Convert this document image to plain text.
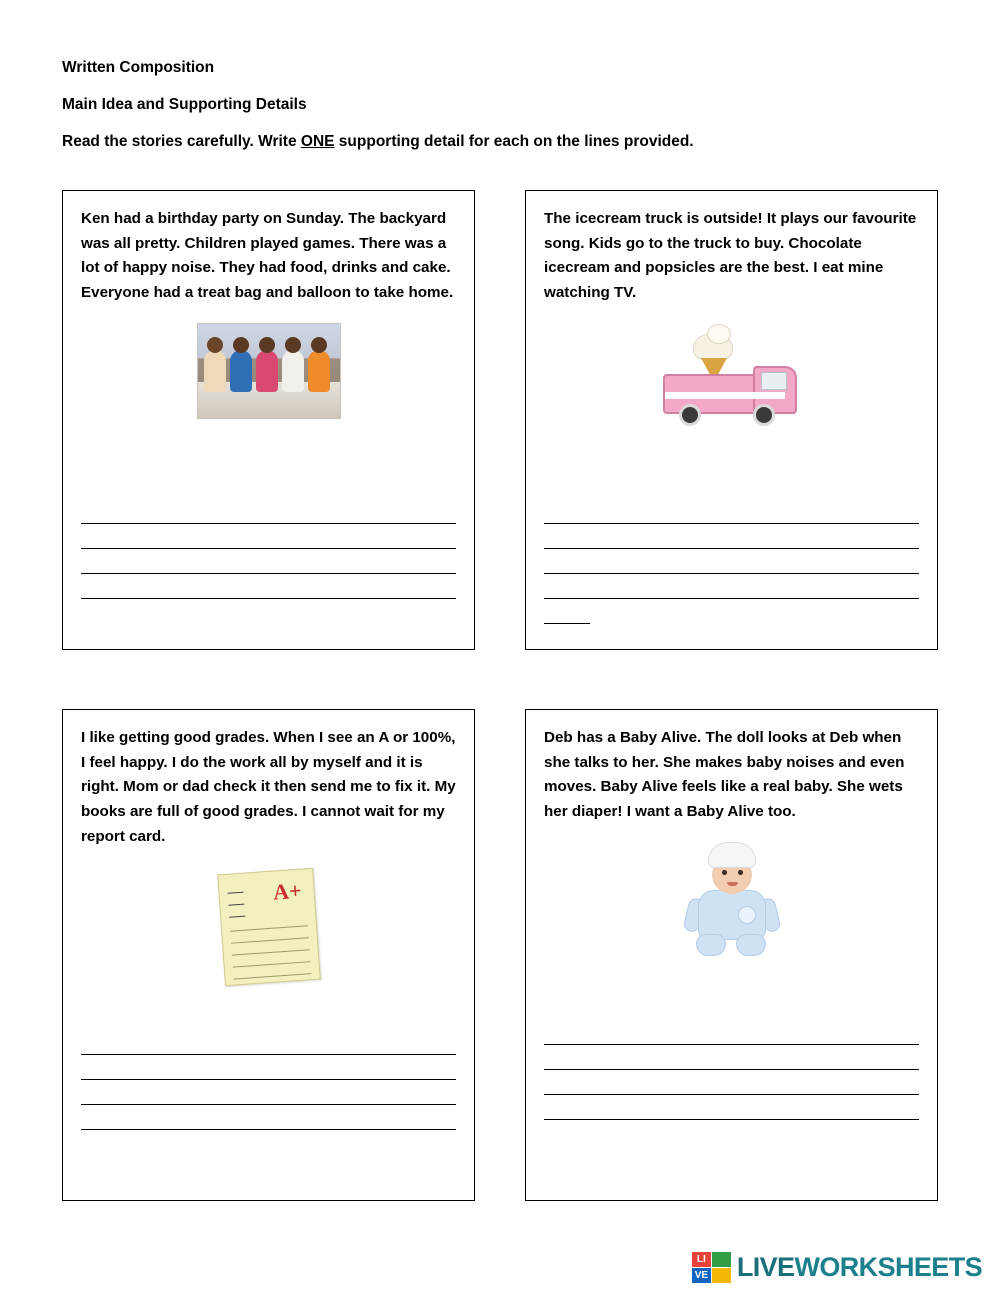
Written Composition
Main Idea and Supporting Details
Read the stories carefully. Write ONE supporting detail for each on the lines provided.

Ken had a birthday party on Sunday. The backyard was all pretty. Children played games. There was a lot of happy noise. They had food, drinks and cake. Everyone had a treat bag and balloon to take home.

The icecream truck is outside! It plays our favourite song. Kids go to the truck to buy. Chocolate icecream and popsicles are the best. I eat mine watching TV.

I like getting good grades. When I see an A or 100%, I feel happy. I do the work all by myself and it is right. Mom or dad check it then send me to fix it. My books are full of good grades. I cannot wait for my report card.

A+

Deb has a Baby Alive. The doll looks at Deb when she talks to her. She makes baby noises and even moves. Baby Alive feels like a real baby. She wets her diaper! I want a Baby Alive too.

LI
VE LIVEWORKSHEETS
